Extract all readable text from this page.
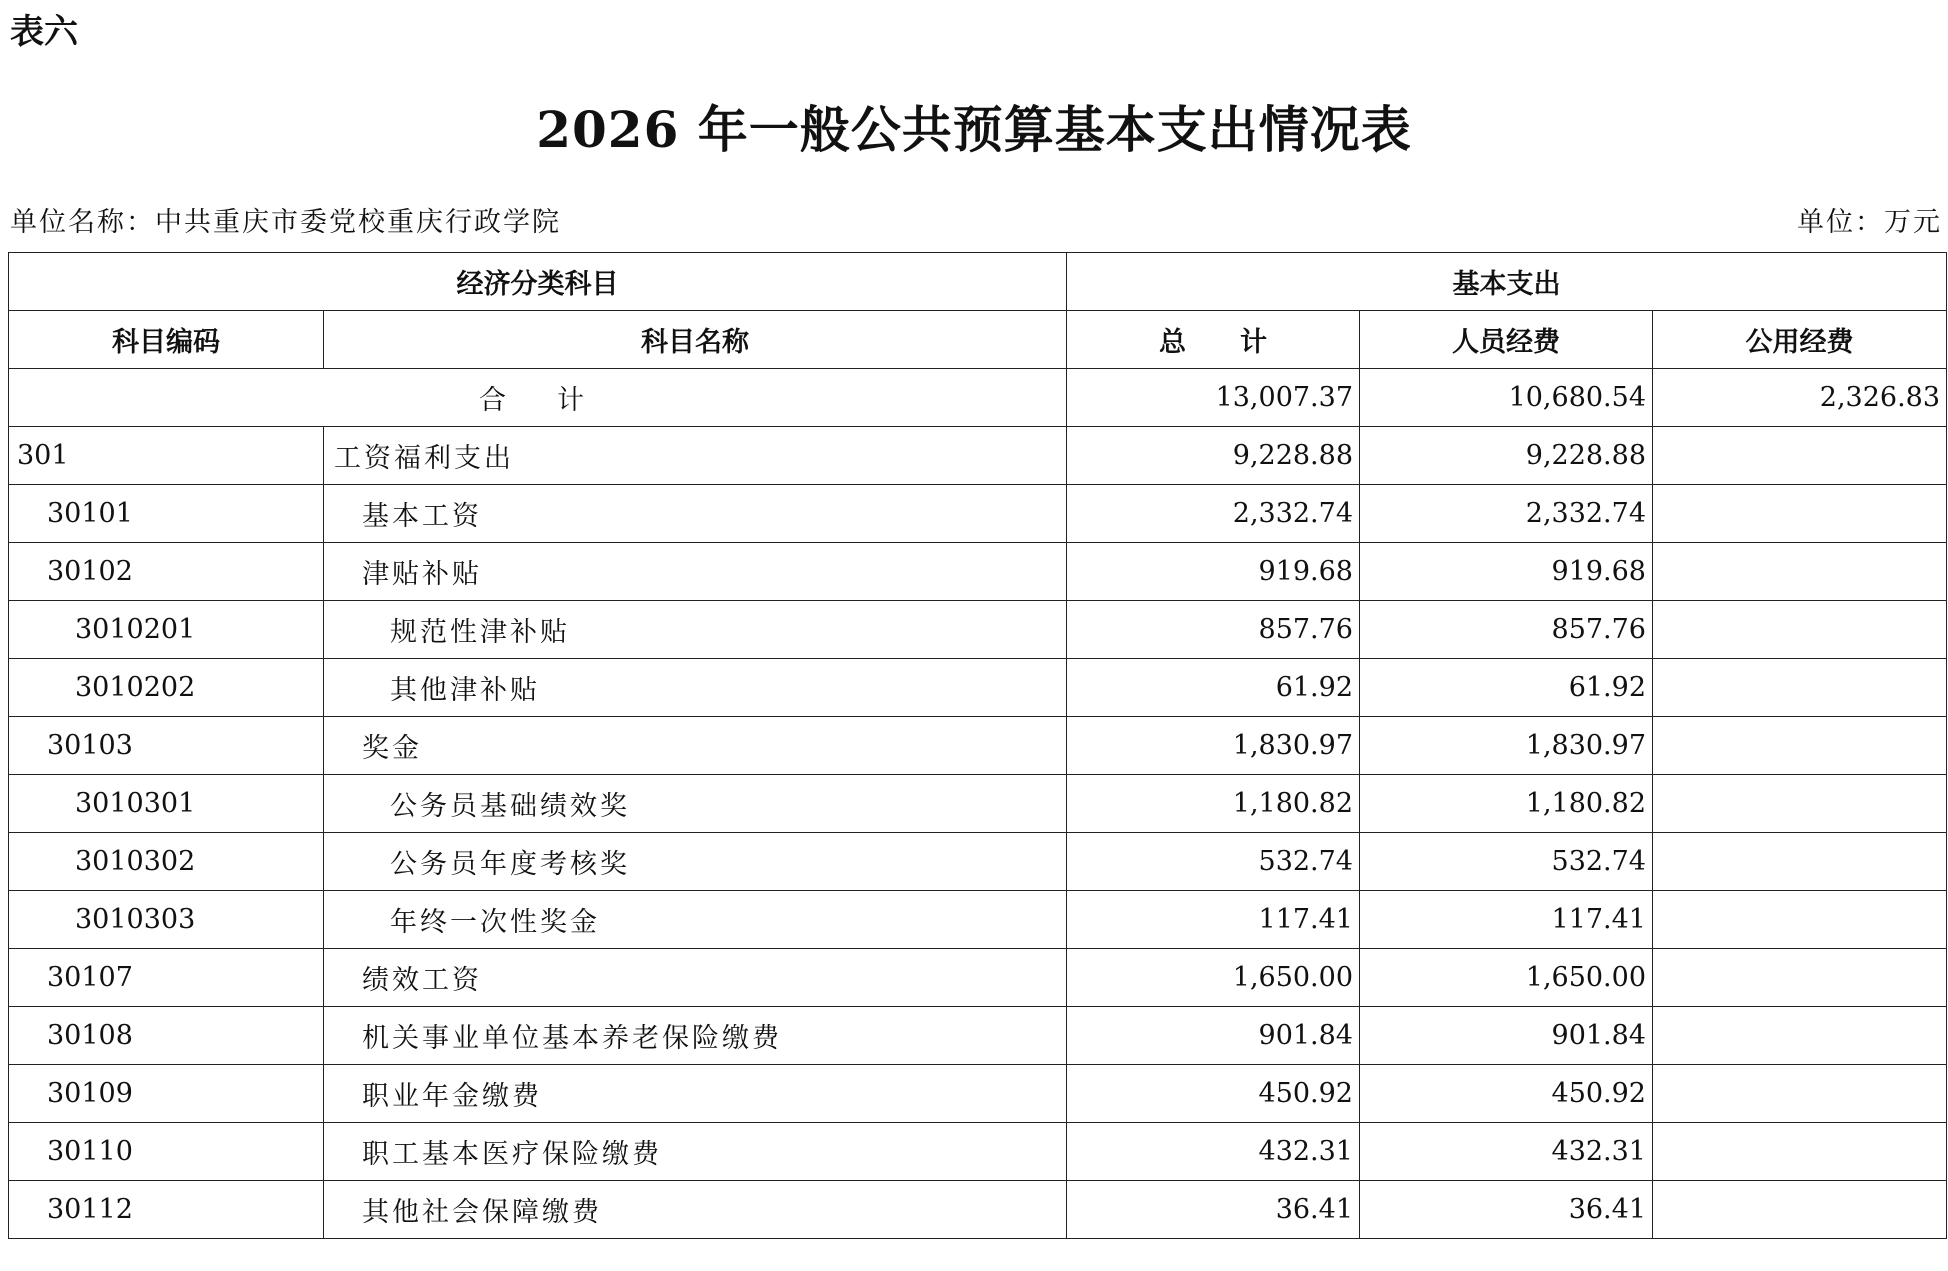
表六
2026 年一般公共预算基本支出情况表
单位名称：中共重庆市委党校重庆行政学院	单位：万元
经济分类科目		基本支出		
科目编码	科目名称	总　　计	人员经费	公用经费
合　计		13,007.37	10,680.54	2,326.83
301	工资福利支出	9,228.88	9,228.88	
30101	基本工资	2,332.74	2,332.74	
30102	津贴补贴	919.68	919.68	
3010201	规范性津补贴	857.76	857.76	
3010202	其他津补贴	61.92	61.92	
30103	奖金	1,830.97	1,830.97	
3010301	公务员基础绩效奖	1,180.82	1,180.82	
3010302	公务员年度考核奖	532.74	532.74	
3010303	年终一次性奖金	117.41	117.41	
30107	绩效工资	1,650.00	1,650.00	
30108	机关事业单位基本养老保险缴费	901.84	901.84	
30109	职业年金缴费	450.92	450.92	
30110	职工基本医疗保险缴费	432.31	432.31	
30112	其他社会保障缴费	36.41	36.41	
